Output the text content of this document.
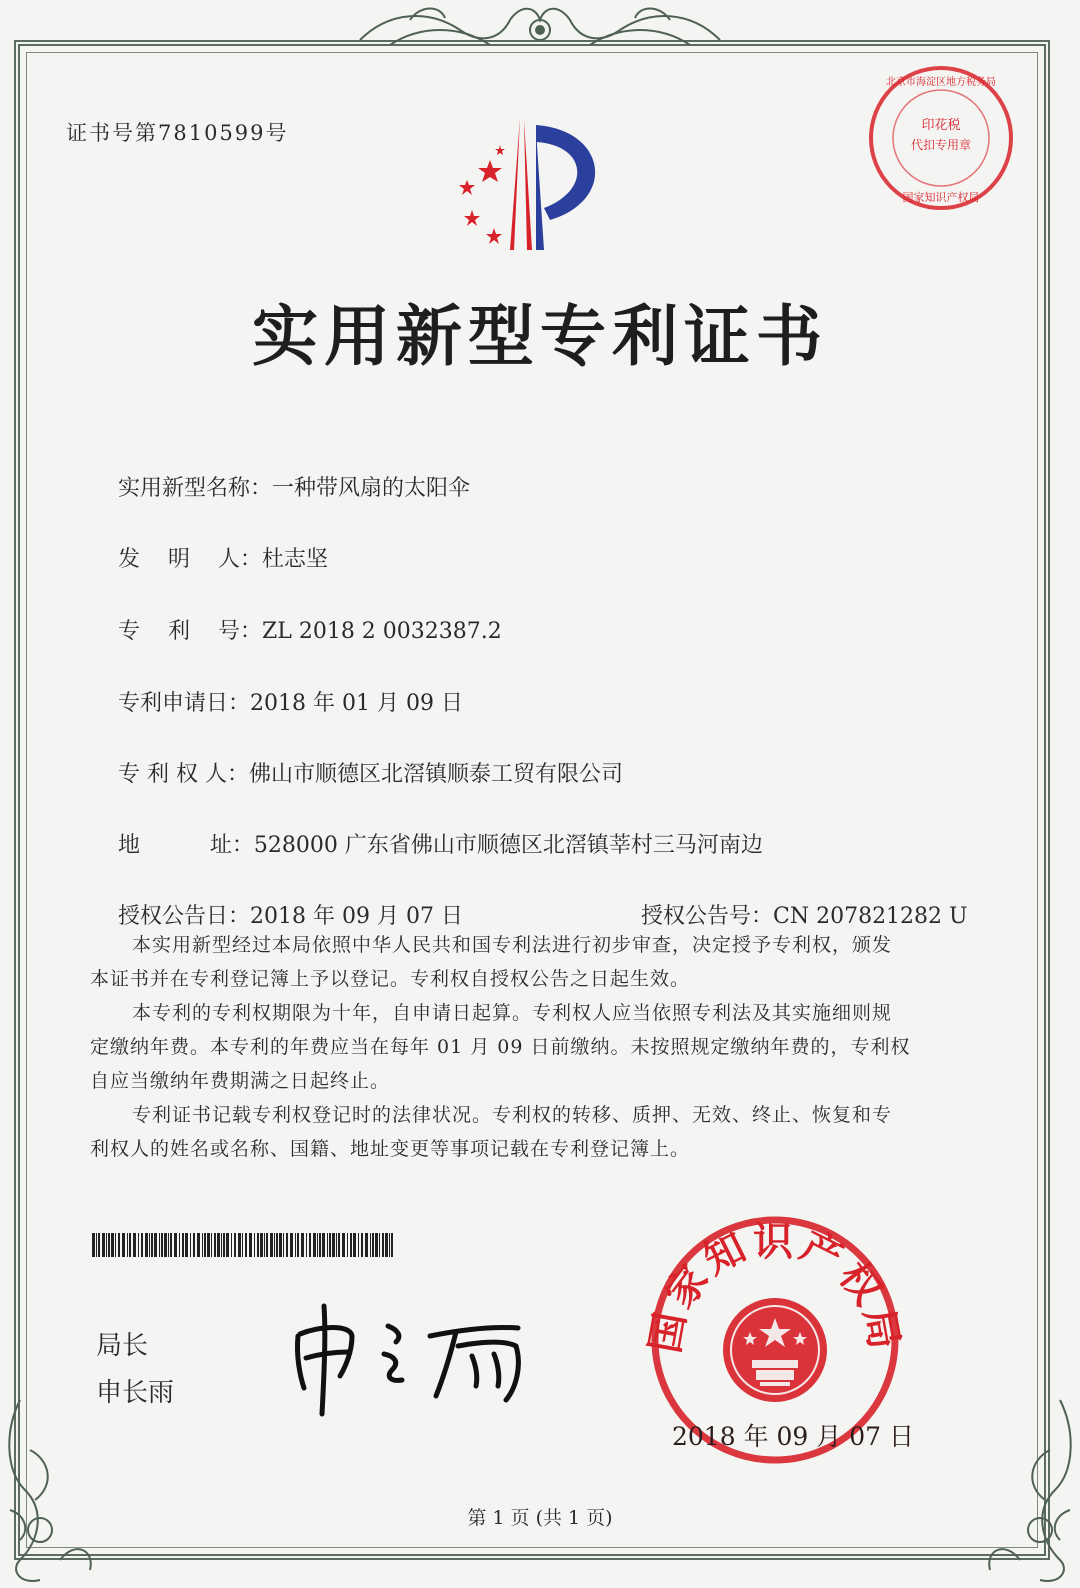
证书号第7810599号	印花税
代扣专用章
北京市海淀区地方税务局
国家知识产权局
实用新型专利证书

实用新型名称：一种带风扇的太阳伞

发    明    人：杜志坚

专    利    号：ZL 2018 2 0032387.2

专利申请日：2018 年 01 月 09 日

专 利 权 人：佛山市顺德区北滘镇顺泰工贸有限公司

地          址：528000 广东省佛山市顺德区北滘镇莘村三马河南边

授权公告日：2018 年 09 月 07 日
	授权公告号：CN 207821282 U

本实用新型经过本局依照中华人民共和国专利法进行初步审查，决定授予专利权，颁发
本证书并在专利登记簿上予以登记。专利权自授权公告之日起生效。
本专利的专利权期限为十年，自申请日起算。专利权人应当依照专利法及其实施细则规
定缴纳年费。本专利的年费应当在每年 01 月 09 日前缴纳。未按照规定缴纳年费的，专利权
自应当缴纳年费期满之日起终止。
专利证书记载专利权登记时的法律状况。专利权的转移、质押、无效、终止、恢复和专
利权人的姓名或名称、国籍、地址变更等事项记载在专利登记簿上。
局长
申长雨
国家知识产权局
2018 年 09 月 07 日
第 1 页 (共 1 页)
